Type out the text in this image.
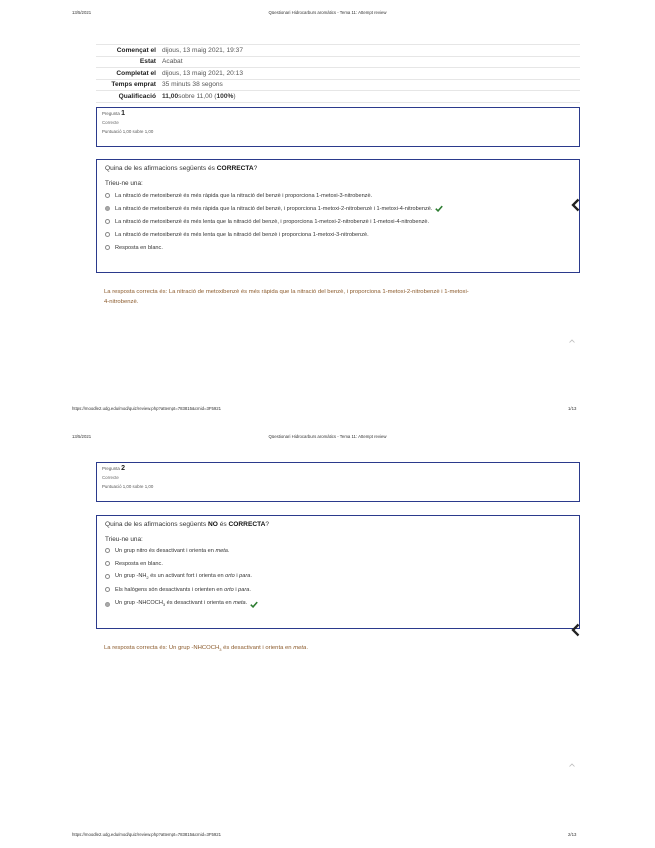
13/5/2021	Qüestionari Hidrocarburs aromàtics - Tema 11: Attempt review
Començat el dijous, 13 maig 2021, 19:37
Estat Acabat
Completat el dijous, 13 maig 2021, 20:13
Temps emprat 35 minuts 38 segons
Qualificació 11,00sobre 11,00 (100%)
Pregunta 1
Correcte
Puntuació 1,00 sobre 1,00
Quina de les afirmacions següents és CORRECTA?
Trieu-ne una:
La nitració de metoxibenzè és més ràpida que la nitració del benzè i proporciona 1-metoxi-3-nitrobenzè.
La nitració de metoxibenzè és més ràpida que la nitració del benzè, i proporciona 1-metoxi-2-nitrobenzè i 1-metoxi-4-nitrobenzè.
La nitració de metoxibenzè és més lenta que la nitració del benzè, i proporciona 1-metoxi-2-nitrobenzè i 1-metoxi-4-nitrobenzè.
La nitració de metoxibenzè és més lenta que la nitració del benzè i proporciona 1-metoxi-3-nitrobenzè.
Resposta en blanc.
La resposta correcta és: La nitració de metoxibenzè és més ràpida que la nitració del benzè, i proporciona 1-metoxi-2-nitrobenzè i 1-metoxi-
4-nitrobenzè.
https://moodle2.udg.edu/mod/quiz/review.php?attempt=783815&cmid=3F5921	1/13
13/5/2021	Qüestionari Hidrocarburs aromàtics - Tema 11: Attempt review
Pregunta 2
Correcte
Puntuació 1,00 sobre 1,00
Quina de les afirmacions següents NO és CORRECTA?
Trieu-ne una:
Un grup nitro és desactivant i orienta en meta.
Resposta en blanc.
Un grup $-NH_2$ és un activant fort i orienta en orto i para.
Els halògens són desactivants i orienten en orto i para.
Un grup $-NHCOCH_3$ és desactivant i orienta en meta.
La resposta correcta és: Un grup $-NHCOCH_3$ és desactivant i orienta en meta.
https://moodle2.udg.edu/mod/quiz/review.php?attempt=783815&cmid=3F5921	2/13
